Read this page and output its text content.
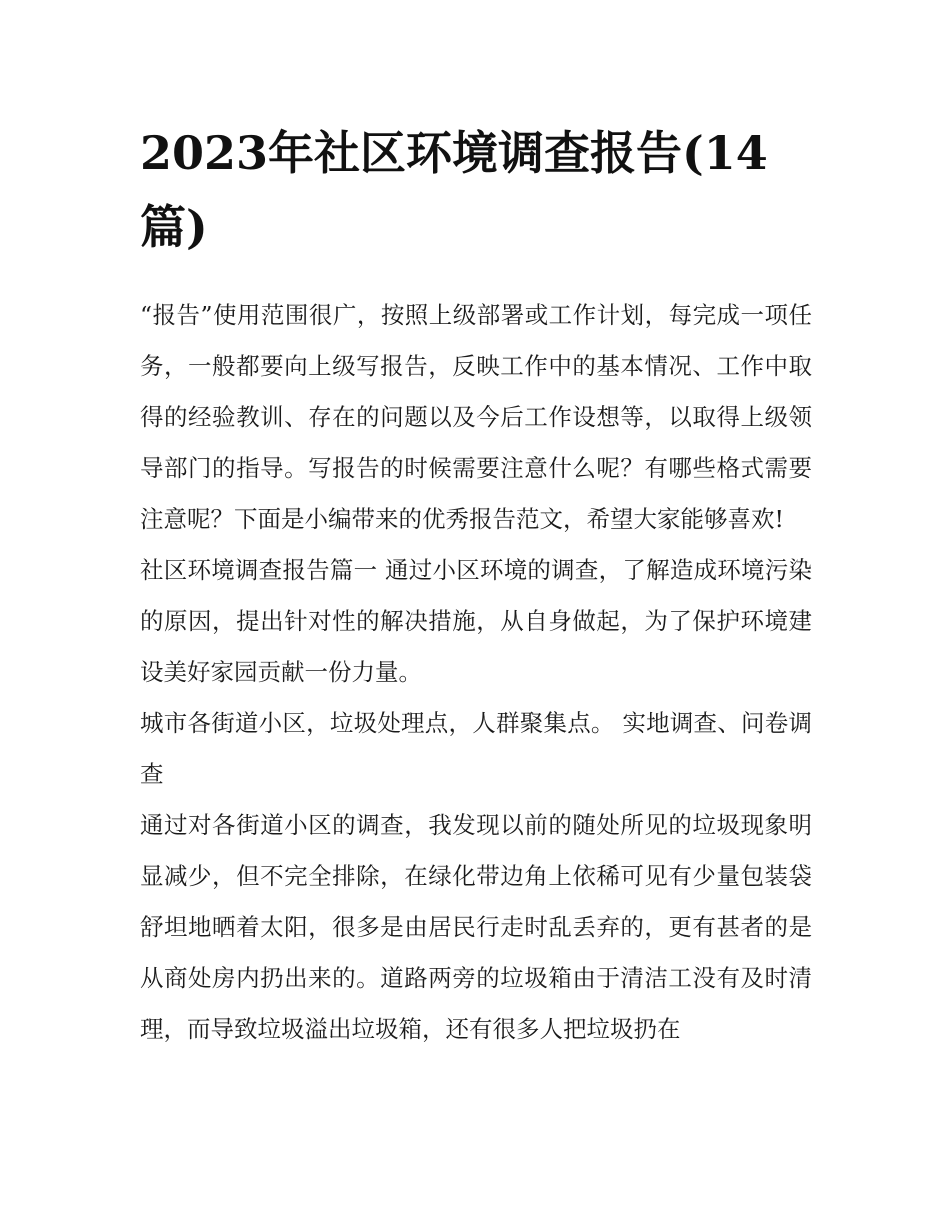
2023年社区环境调查报告(14篇)

“报告”使用范围很广，按照上级部署或工作计划，每完成一项任务，一般都要向上级写报告，反映工作中的基本情况、工作中取得的经验教训、存在的问题以及今后工作设想等，以取得上级领导部门的指导。写报告的时候需要注意什么呢？有哪些格式需要注意呢？下面是小编带来的优秀报告范文，希望大家能够喜欢!

社区环境调查报告篇一 通过小区环境的调查，了解造成环境污染的原因，提出针对性的解决措施，从自身做起，为了保护环境建设美好家园贡献一份力量。

城市各街道小区，垃圾处理点，人群聚集点。 实地调查、问卷调查

通过对各街道小区的调查，我发现以前的随处所见的垃圾现象明显减少，但不完全排除，在绿化带边角上依稀可见有少量包装袋舒坦地晒着太阳，很多是由居民行走时乱丢弃的，更有甚者的是从商处房内扔出来的。道路两旁的垃圾箱由于清洁工没有及时清理，而导致垃圾溢出垃圾箱，还有很多人把垃圾扔在
